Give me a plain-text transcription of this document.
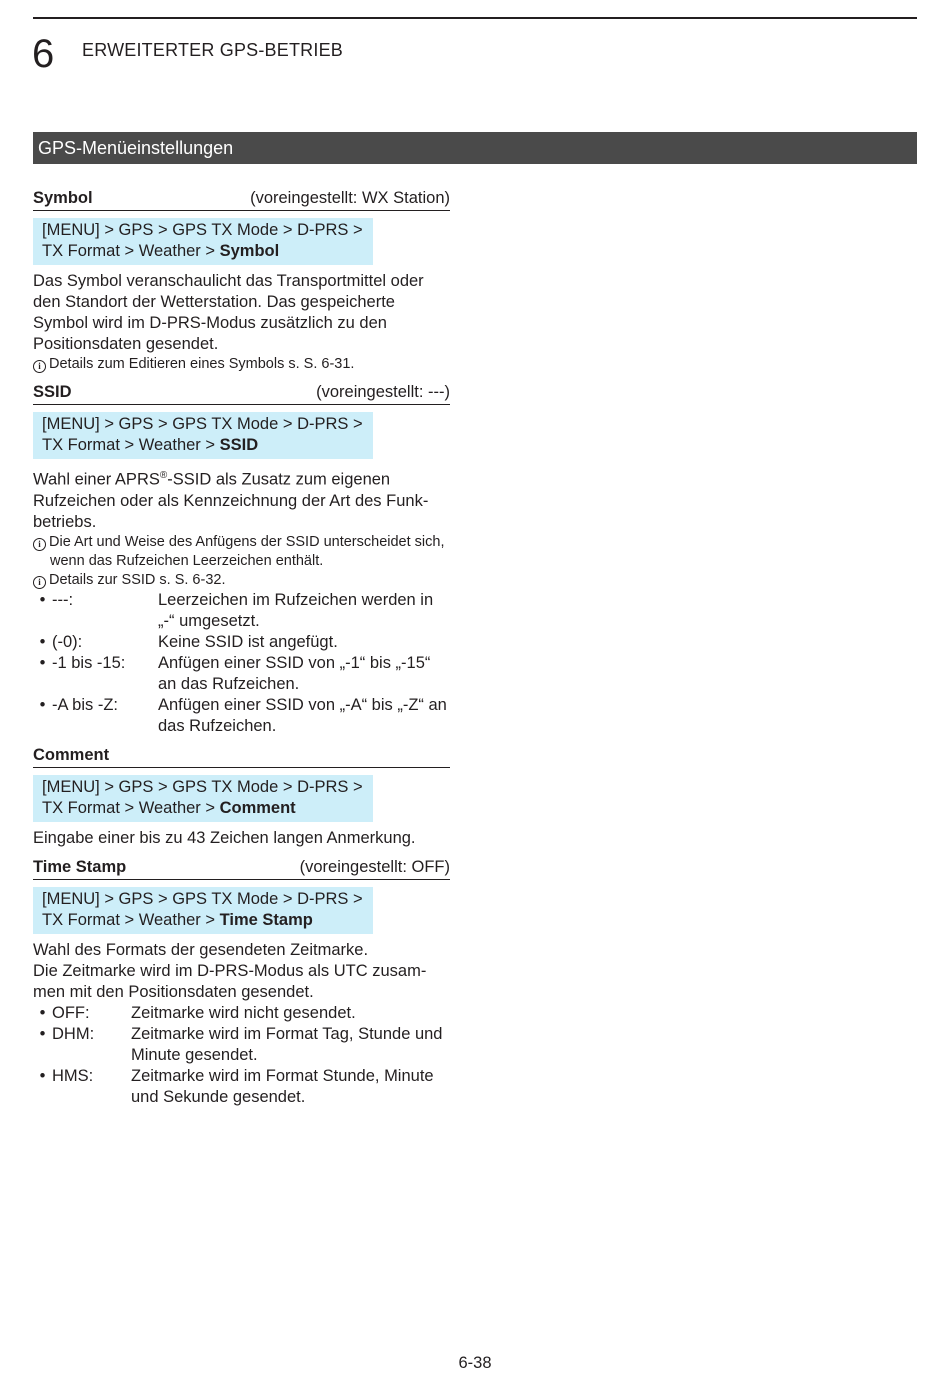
6 ERWEITERTER GPS-BETRIEB
GPS-Menüeinstellungen
Symbol	(voreingestellt: WX Station)
[MENU] > GPS > GPS TX Mode > D-PRS >
TX Format > Weather > Symbol

Das Symbol veranschaulicht das Transportmittel oder den Standort der Wetterstation. Das gespeicherte Symbol wird im D-PRS-Modus zusätzlich zu den Positionsdaten gesendet.

i Details zum Editieren eines Symbols s. S. 6-31.
SSID	(voreingestellt: ---)
[MENU] > GPS > GPS TX Mode > D-PRS >
TX Format > Weather > SSID

Wahl einer APRS®-SSID als Zusatz zum eigenen Rufzeichen oder als Kennzeichnung der Art des Funkbetriebs.

i Die Art und Weise des Anfügens der SSID unterscheidet sich, wenn das Rufzeichen Leerzeichen enthält.
i Details zur SSID s. S. 6-32.
• ---:	Leerzeichen im Rufzeichen werden in „-“ umgesetzt.
• (-0):	Keine SSID ist angefügt.
• -1 bis -15:	Anfügen einer SSID von „-1“ bis „-15“ an das Rufzeichen.
• -A bis -Z:	Anfügen einer SSID von „-A“ bis „-Z“ an das Rufzeichen.
Comment
[MENU] > GPS > GPS TX Mode > D-PRS >
TX Format > Weather > Comment

Eingabe einer bis zu 43 Zeichen langen Anmerkung.

Time Stamp	(voreingestellt: OFF)
[MENU] > GPS > GPS TX Mode > D-PRS >
TX Format > Weather > Time Stamp

Wahl des Formats der gesendeten Zeitmarke.

Die Zeitmarke wird im D-PRS-Modus als UTC zusammen mit den Positionsdaten gesendet.

• OFF:	Zeitmarke wird nicht gesendet.
• DHM:	Zeitmarke wird im Format Tag, Stunde und Minute gesendet.
• HMS:	Zeitmarke wird im Format Stunde, Minute und Sekunde gesendet.
6-38
